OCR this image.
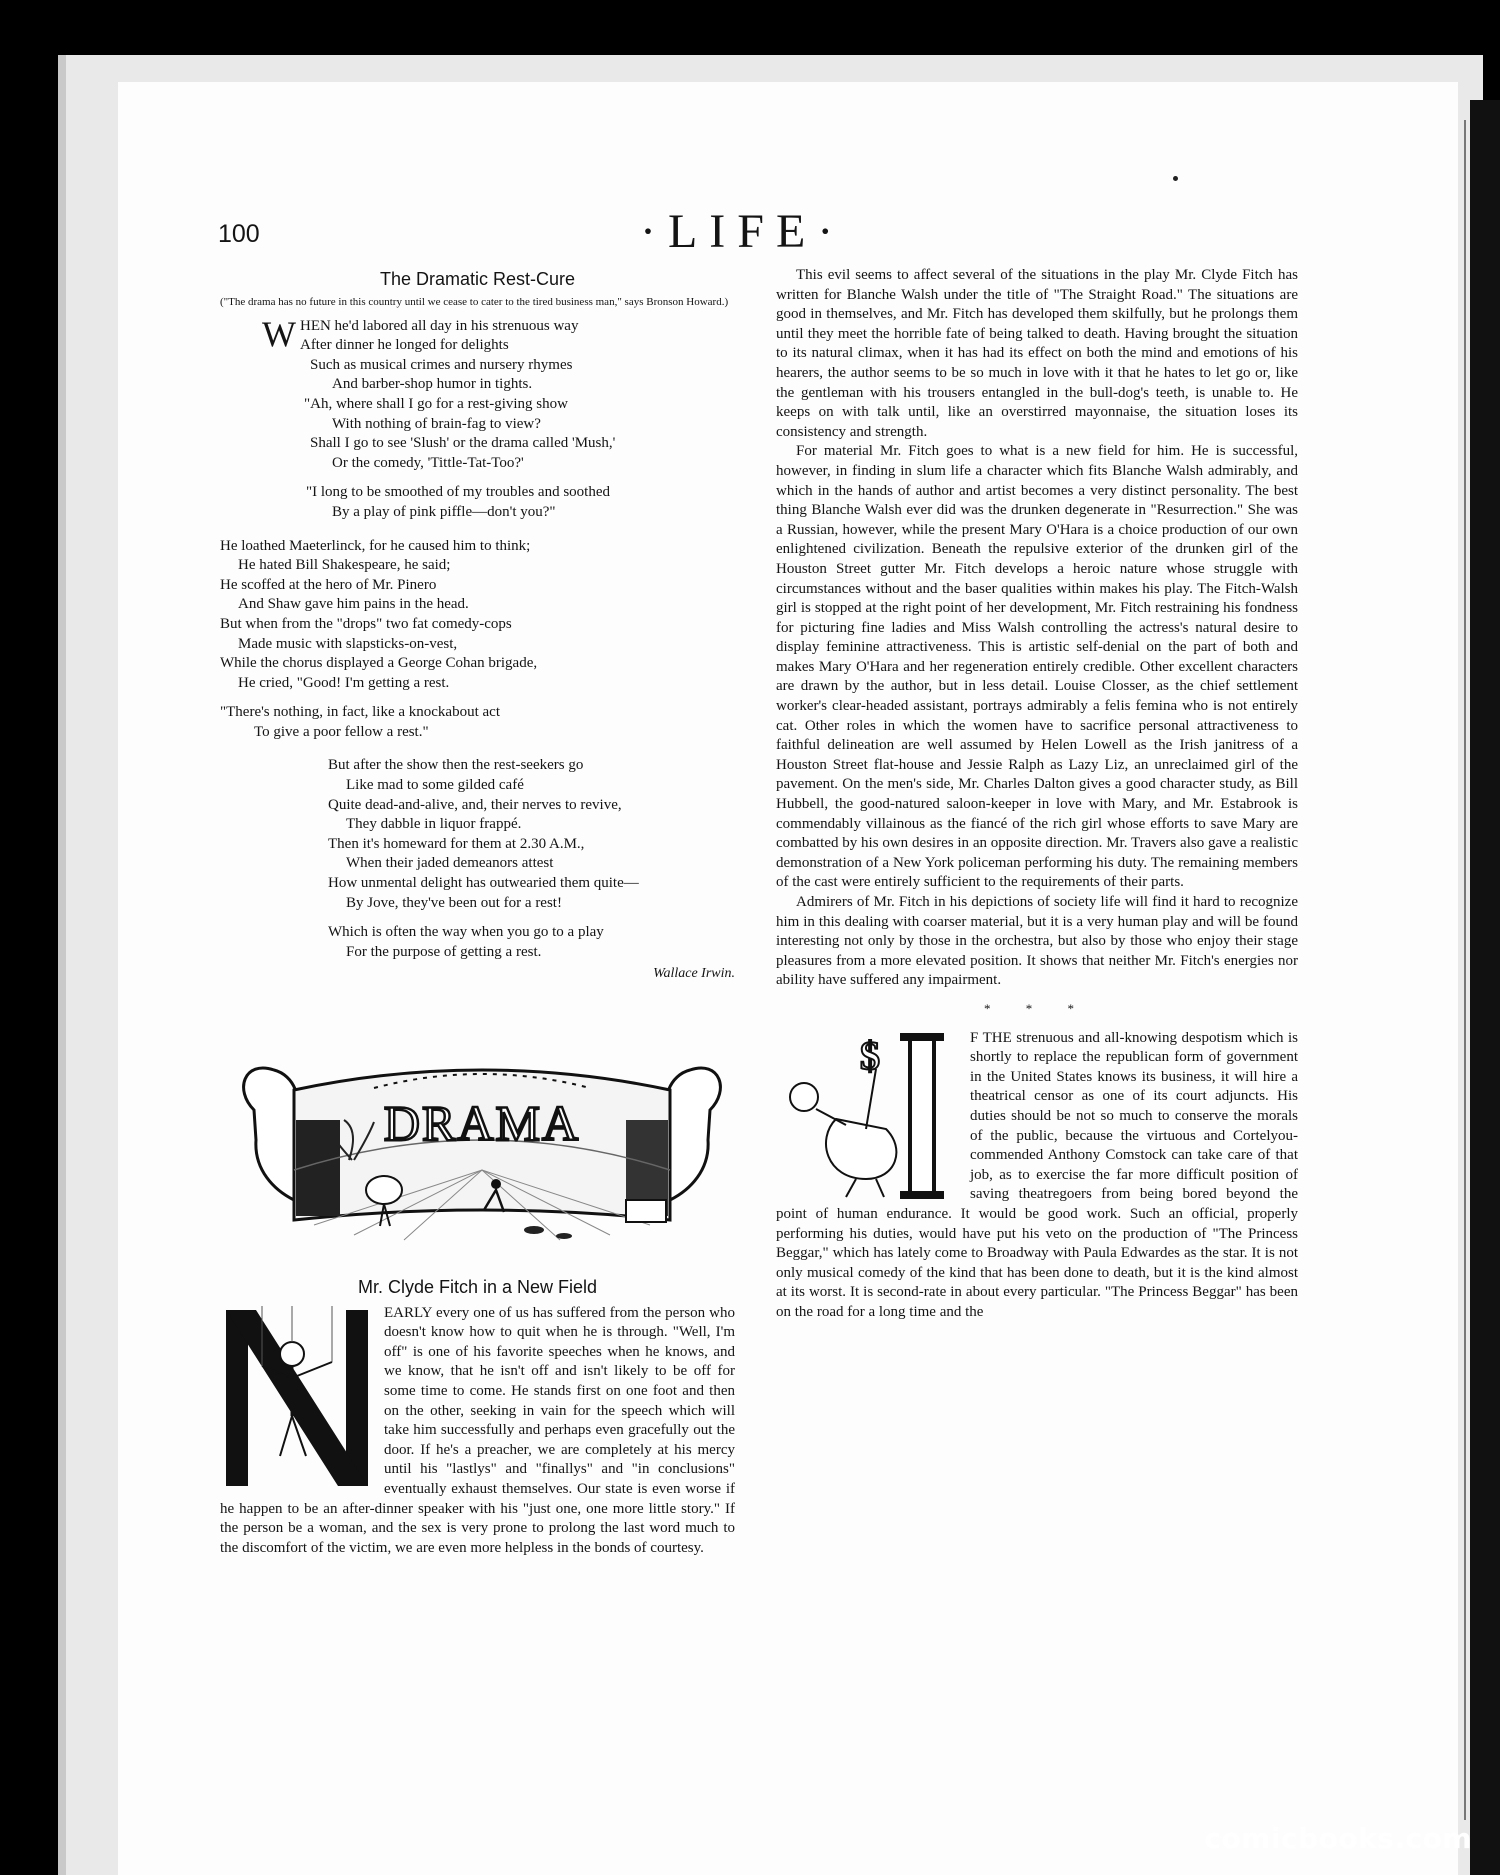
100	·LIFE·
The Dramatic Rest-Cure
("The drama has no future in this country until we cease to cater to the tired business man," says Bronson Howard.)
W HEN he'd labored all day in his strenuous way
After dinner he longed for delights
Such as musical crimes and nursery rhymes
And barber-shop humor in tights.
"Ah, where shall I go for a rest-giving show
With nothing of brain-fag to view?
Shall I go to see 'Slush' or the drama called 'Mush,'
Or the comedy, 'Tittle-Tat-Too?'
"I long to be smoothed of my troubles and soothed
By a play of pink piffle—don't you?"
He loathed Maeterlinck, for he caused him to think;
He hated Bill Shakespeare, he said;
He scoffed at the hero of Mr. Pinero
And Shaw gave him pains in the head.
But when from the "drops" two fat comedy-cops
Made music with slapsticks-on-vest,
While the chorus displayed a George Cohan brigade,
He cried, "Good! I'm getting a rest.
"There's nothing, in fact, like a knockabout act
To give a poor fellow a rest."
But after the show then the rest-seekers go
Like mad to some gilded café
Quite dead-and-alive, and, their nerves to revive,
They dabble in liquor frappé.
Then it's homeward for them at 2.30 A.M.,
When their jaded demeanors attest
How unmental delight has outwearied them quite—
By Jove, they've been out for a rest!
Which is often the way when you go to a play
For the purpose of getting a rest.
Wallace Irwin.
DRAMA
Mr. Clyde Fitch in a New Field

EARLY every one of us has suffered from the person who doesn't know how to quit when he is through. "Well, I'm off" is one of his favorite speeches when he knows, and we know, that he isn't off and isn't likely to be off for some time to come. He stands first on one foot and then on the other, seeking in vain for the speech which will take him successfully and perhaps even gracefully out the door. If he's a preacher, we are completely at his mercy until his "lastlys" and "finallys" and "in conclusions" eventually exhaust themselves. Our state is even worse if he happen to be an after-dinner speaker with his "just one, one more little story." If the person be a woman, and the sex is very prone to prolong the last word much to the discomfort of the victim, we are even more helpless in the bonds of courtesy.

This evil seems to affect several of the situations in the play Mr. Clyde Fitch has written for Blanche Walsh under the title of "The Straight Road." The situations are good in themselves, and Mr. Fitch has developed them skilfully, but he prolongs them until they meet the horrible fate of being talked to death. Having brought the situation to its natural climax, when it has had its effect on both the mind and emotions of his hearers, the author seems to be so much in love with it that he hates to let go or, like the gentleman with his trousers entangled in the bull-dog's teeth, is unable to. He keeps on with talk until, like an overstirred mayonnaise, the situation loses its consistency and strength.

For material Mr. Fitch goes to what is a new field for him. He is successful, however, in finding in slum life a character which fits Blanche Walsh admirably, and which in the hands of author and artist becomes a very distinct personality. The best thing Blanche Walsh ever did was the drunken degenerate in "Resurrection." She was a Russian, however, while the present Mary O'Hara is a choice production of our own enlightened civilization. Beneath the repulsive exterior of the drunken girl of the Houston Street gutter Mr. Fitch develops a heroic nature whose struggle with circumstances without and the baser qualities within makes his play. The Fitch-Walsh girl is stopped at the right point of her development, Mr. Fitch restraining his fondness for picturing fine ladies and Miss Walsh controlling the actress's natural desire to display feminine attractiveness. This is artistic self-denial on the part of both and makes Mary O'Hara and her regeneration entirely credible. Other excellent characters are drawn by the author, but in less detail. Louise Closser, as the chief settlement worker's clear-headed assistant, portrays admirably a felis femina who is not entirely cat. Other roles in which the women have to sacrifice personal attractiveness to faithful delineation are well assumed by Helen Lowell as the Irish janitress of a Houston Street flat-house and Jessie Ralph as Lazy Liz, an unreclaimed girl of the pavement. On the men's side, Mr. Charles Dalton gives a good character study, as Bill Hubbell, the good-natured saloon-keeper in love with Mary, and Mr. Estabrook is commendably villainous as the fiancé of the rich girl whose efforts to save Mary are combatted by his own desires in an opposite direction. Mr. Travers also gave a realistic demonstration of a New York policeman performing his duty. The remaining members of the cast were entirely sufficient to the requirements of their parts.

Admirers of Mr. Fitch in his depictions of society life will find it hard to recognize him in this dealing with coarser material, but it is a very human play and will be found interesting not only by those in the orchestra, but also by those who enjoy their stage pleasures from a more elevated position. It shows that neither Mr. Fitch's energies nor ability have suffered any impairment.

* * *
$	F THE strenuous and all-knowing despotism which is shortly to replace the republican form of government in the United States knows its business, it will hire a theatrical censor as one of its court adjuncts. His duties should be not so much to conserve the morals of the public, because the virtuous and Cortelyou-commended Anthony Comstock can take care of that job, as to exercise the far more difficult position of saving theatregoers from being bored beyond the point of human endurance. It would be good work. Such an official, properly performing his duties, would have put his veto on the production of "The Princess Beggar," which has lately come to Broadway with Paula Edwardes as the star. It is not only musical comedy of the kind that has been done to death, but it is the kind almost at its worst. It is second-rate in about every particular. "The Princess Beggar" has been on the road for a long time and the

comicbooks.com
